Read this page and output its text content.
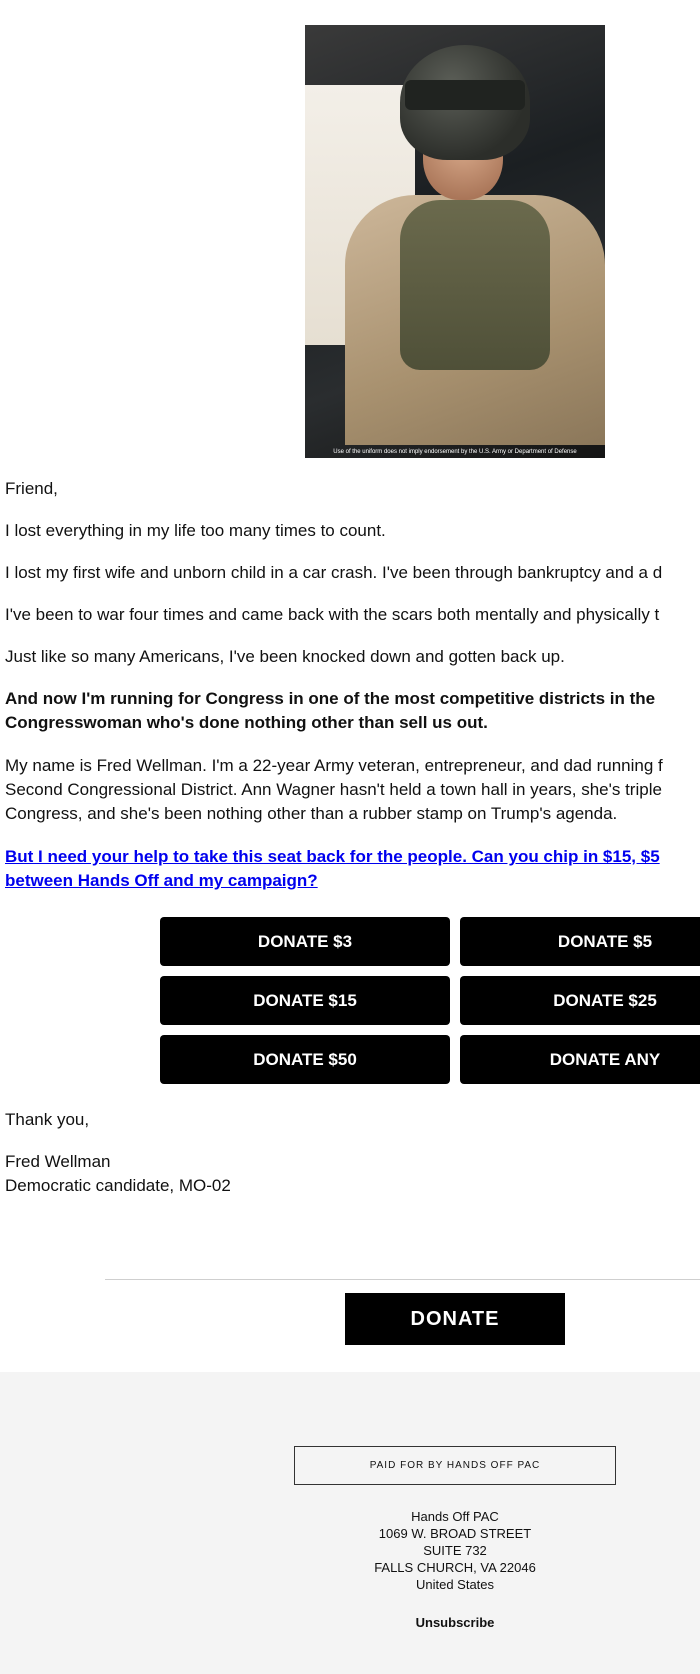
Use of the uniform does not imply endorsement by the U.S. Army or Department of Defense

Friend,

I lost everything in my life too many times to count.

I lost my first wife and unborn child in a car crash. I've been through bankruptcy and a d

I've been to war four times and came back with the scars both mentally and physically t

Just like so many Americans, I've been knocked down and gotten back up.

And now I'm running for Congress in one of the most competitive districts in the

Congresswoman who's done nothing other than sell us out.

My name is Fred Wellman. I'm a 22-year Army veteran, entrepreneur, and dad running f

Second Congressional District. Ann Wagner hasn't held a town hall in years, she's triple

Congress, and she's been nothing other than a rubber stamp on Trump's agenda.

But I need your help to take this seat back for the people. Can you chip in $15, $5
between Hands Off and my campaign?
DONATE $3	DONATE $5
DONATE $15	DONATE $25
DONATE $50	DONATE ANY

Thank you,

Fred Wellman

Democratic candidate, MO-02

DONATE
PAID FOR BY HANDS OFF PAC
Hands Off PAC
1069 W. BROAD STREET
SUITE 732
FALLS CHURCH, VA 22046
United States
Unsubscribe
